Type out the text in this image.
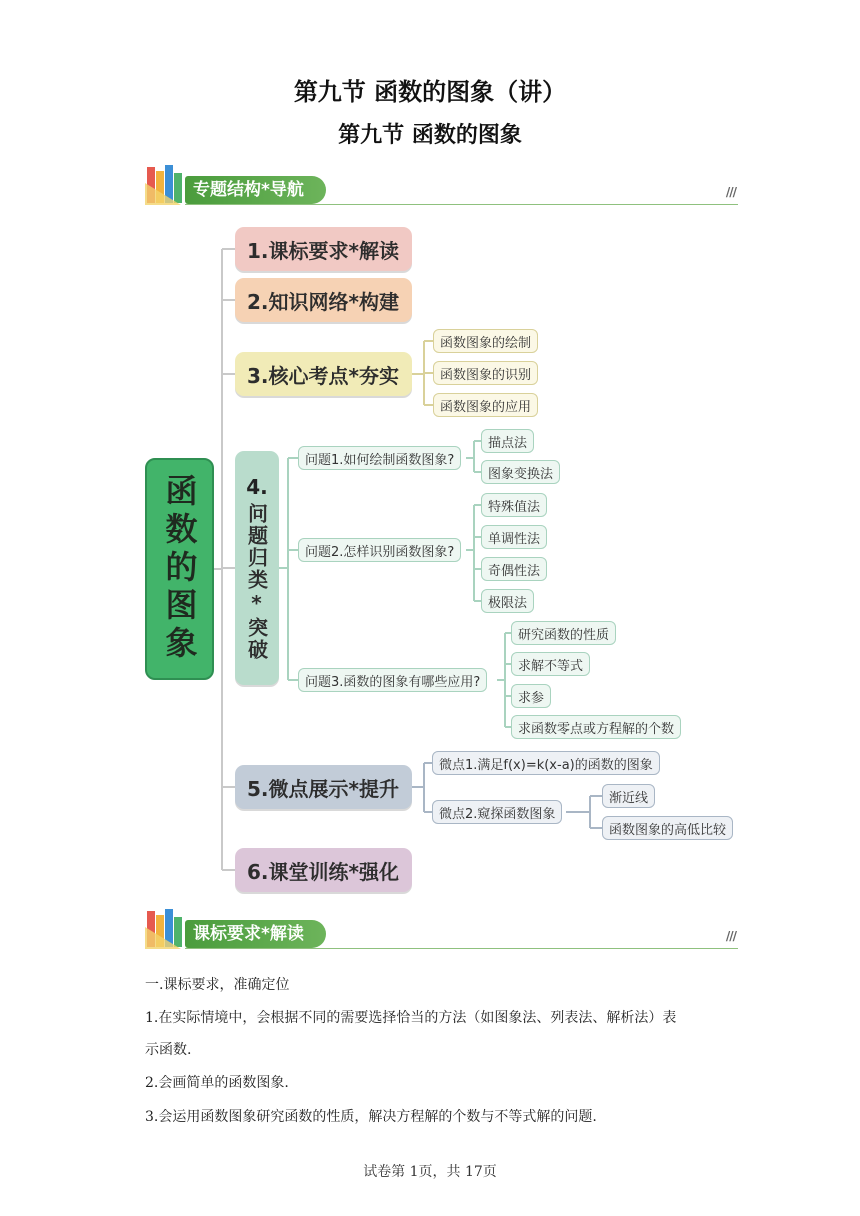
第九节 函数的图象（讲）
第九节 函数的图象
专题结构*导航	///
函数的图象
1.课标要求*解读
2.知识网络*构建
3.核心考点*夯实
4.
问题归类*突破
5.微点展示*提升
6.课堂训练*强化
函数图象的绘制
函数图象的识别
函数图象的应用
问题1.如何绘制函数图象?
描点法
图象变换法
问题2.怎样识别函数图象?
特殊值法
单调性法
奇偶性法
极限法
问题3.函数的图象有哪些应用?
研究函数的性质
求解不等式
求参
求函数零点或方程解的个数
微点1.满足f(x)=k(x-a)的函数的图象
微点2.窥探函数图象
渐近线
函数图象的高低比较
课标要求*解读	///
一.课标要求，准确定位
1.在实际情境中，会根据不同的需要选择恰当的方法（如图象法、列表法、解析法）表
示函数.
2.会画简单的函数图象.
3.会运用函数图象研究函数的性质，解决方程解的个数与不等式解的问题.
试卷第 1页，共 17页
